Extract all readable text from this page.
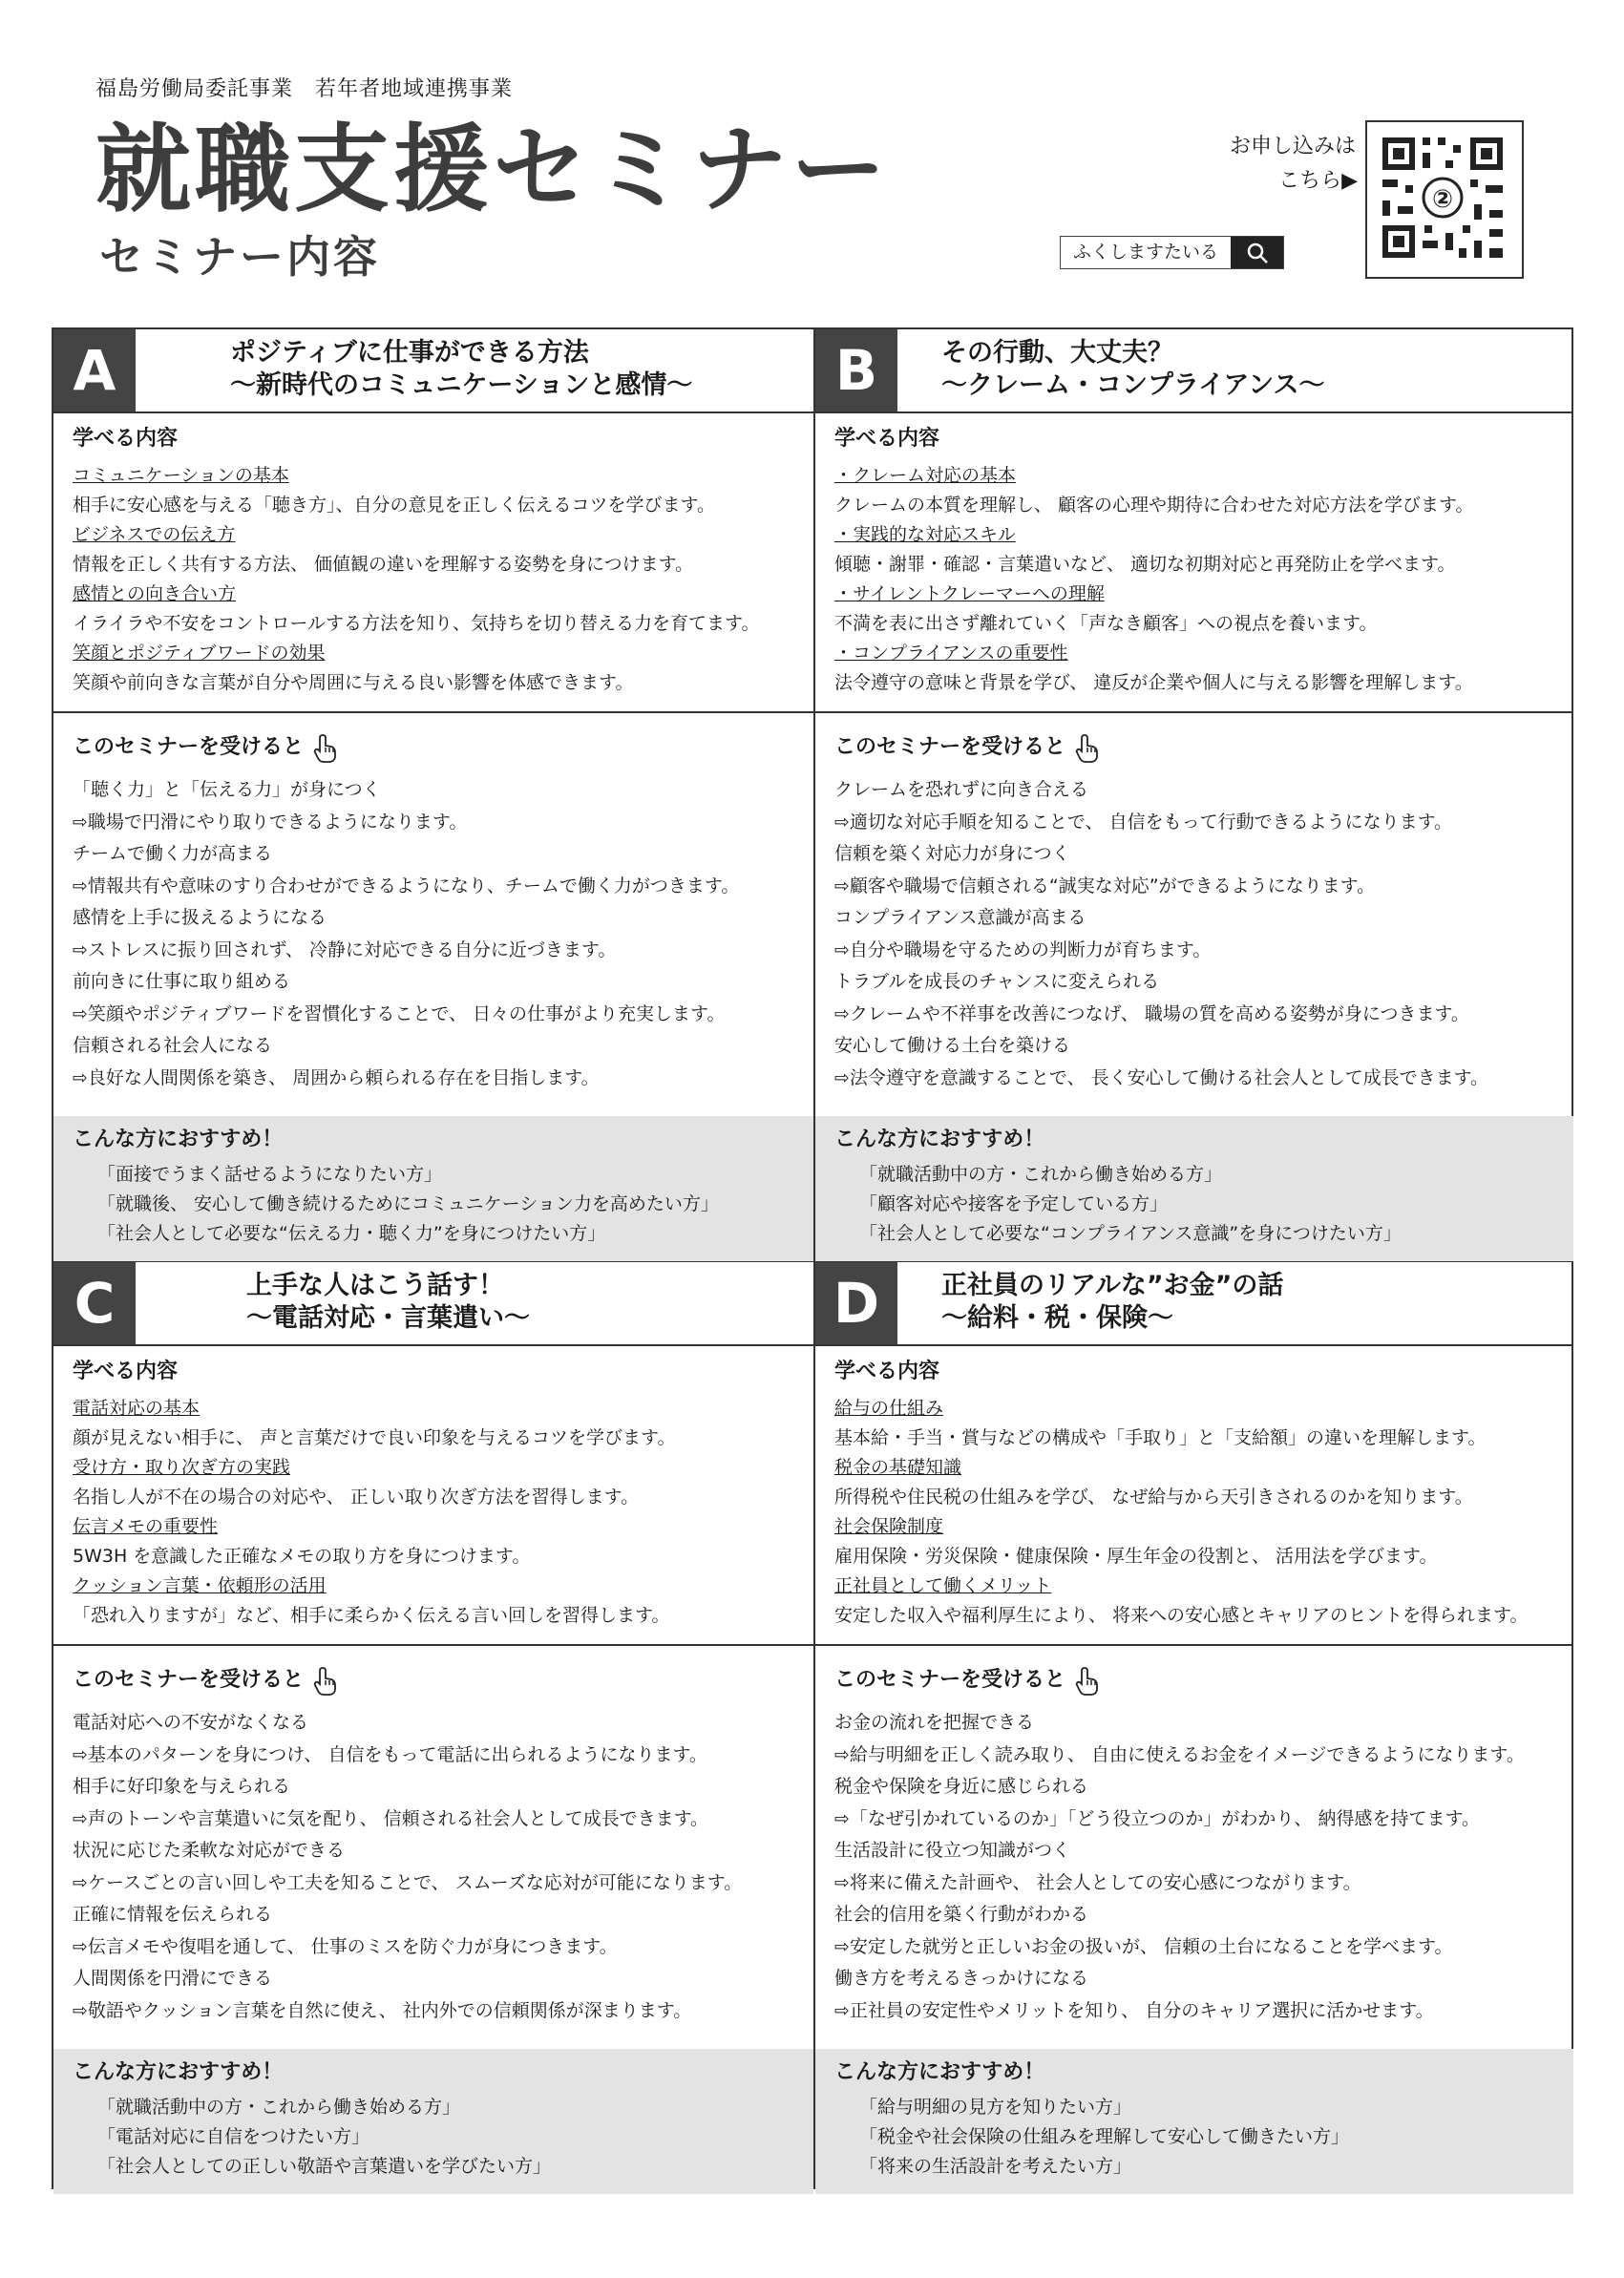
福島労働局委託事業　若年者地域連携事業
就職支援セミナー
セミナー内容
お申し込みは
こちら▶
ふくしますたいる
②
A	ポジティブに仕事ができる方法
～新時代のコミュニケーションと感情～
学べる内容
コミュニケーションの基本
相手に安心感を与える「聴き方」、自分の意見を正しく伝えるコツを学びます。
ビジネスでの伝え方
情報を正しく共有する方法、 価値観の違いを理解する姿勢を身につけます。
感情との向き合い方
イライラや不安をコントロールする方法を知り、気持ちを切り替える力を育てます。
笑顔とポジティブワードの効果
笑顔や前向きな言葉が自分や周囲に与える良い影響を体感できます。
このセミナーを受けると
「聴く力」と「伝える力」が身につく
⇨職場で円滑にやり取りできるようになります。
チームで働く力が高まる
⇨情報共有や意味のすり合わせができるようになり、チームで働く力がつきます。
感情を上手に扱えるようになる
⇨ストレスに振り回されず、 冷静に対応できる自分に近づきます。
前向きに仕事に取り組める
⇨笑顔やポジティブワードを習慣化することで、 日々の仕事がより充実します。
信頼される社会人になる
⇨良好な人間関係を築き、 周囲から頼られる存在を目指します。
こんな方におすすめ！
「面接でうまく話せるようになりたい方」
「就職後、 安心して働き続けるためにコミュニケーション力を高めたい方」
「社会人として必要な“伝える力・聴く力”を身につけたい方」
B	その行動、大丈夫？
～クレーム・コンプライアンス～
学べる内容
・クレーム対応の基本
クレームの本質を理解し、 顧客の心理や期待に合わせた対応方法を学びます。
・実践的な対応スキル
傾聴・謝罪・確認・言葉遣いなど、 適切な初期対応と再発防止を学べます。
・サイレントクレーマーへの理解
不満を表に出さず離れていく「声なき顧客」への視点を養います。
・コンプライアンスの重要性
法令遵守の意味と背景を学び、 違反が企業や個人に与える影響を理解します。
このセミナーを受けると
クレームを恐れずに向き合える
⇨適切な対応手順を知ることで、 自信をもって行動できるようになります。
信頼を築く対応力が身につく
⇨顧客や職場で信頼される“誠実な対応”ができるようになります。
コンプライアンス意識が高まる
⇨自分や職場を守るための判断力が育ちます。
トラブルを成長のチャンスに変えられる
⇨クレームや不祥事を改善につなげ、 職場の質を高める姿勢が身につきます。
安心して働ける土台を築ける
⇨法令遵守を意識することで、 長く安心して働ける社会人として成長できます。
こんな方におすすめ！
「就職活動中の方・これから働き始める方」
「顧客対応や接客を予定している方」
「社会人として必要な“コンプライアンス意識”を身につけたい方」
C	上手な人はこう話す！
～電話対応・言葉遣い～
学べる内容
電話対応の基本
顔が見えない相手に、 声と言葉だけで良い印象を与えるコツを学びます。
受け方・取り次ぎ方の実践
名指し人が不在の場合の対応や、 正しい取り次ぎ方法を習得します。
伝言メモの重要性
5W3H を意識した正確なメモの取り方を身につけます。
クッション言葉・依頼形の活用
「恐れ入りますが」など、相手に柔らかく伝える言い回しを習得します。
このセミナーを受けると
電話対応への不安がなくなる
⇨基本のパターンを身につけ、 自信をもって電話に出られるようになります。
相手に好印象を与えられる
⇨声のトーンや言葉遣いに気を配り、 信頼される社会人として成長できます。
状況に応じた柔軟な対応ができる
⇨ケースごとの言い回しや工夫を知ることで、 スムーズな応対が可能になります。
正確に情報を伝えられる
⇨伝言メモや復唱を通して、 仕事のミスを防ぐ力が身につきます。
人間関係を円滑にできる
⇨敬語やクッション言葉を自然に使え、 社内外での信頼関係が深まります。
こんな方におすすめ！
「就職活動中の方・これから働き始める方」
「電話対応に自信をつけたい方」
「社会人としての正しい敬語や言葉遣いを学びたい方」
D	正社員のリアルな”お金”の話
～給料・税・保険～
学べる内容
給与の仕組み
基本給・手当・賞与などの構成や「手取り」と「支給額」の違いを理解します。
税金の基礎知識
所得税や住民税の仕組みを学び、 なぜ給与から天引きされるのかを知ります。
社会保険制度
雇用保険・労災保険・健康保険・厚生年金の役割と、 活用法を学びます。
正社員として働くメリット
安定した収入や福利厚生により、 将来への安心感とキャリアのヒントを得られます。
このセミナーを受けると
お金の流れを把握できる
⇨給与明細を正しく読み取り、 自由に使えるお金をイメージできるようになります。
税金や保険を身近に感じられる
⇨「なぜ引かれているのか」「どう役立つのか」がわかり、 納得感を持てます。
生活設計に役立つ知識がつく
⇨将来に備えた計画や、 社会人としての安心感につながります。
社会的信用を築く行動がわかる
⇨安定した就労と正しいお金の扱いが、 信頼の土台になることを学べます。
働き方を考えるきっかけになる
⇨正社員の安定性やメリットを知り、 自分のキャリア選択に活かせます。
こんな方におすすめ！
「給与明細の見方を知りたい方」
「税金や社会保険の仕組みを理解して安心して働きたい方」
「将来の生活設計を考えたい方」
